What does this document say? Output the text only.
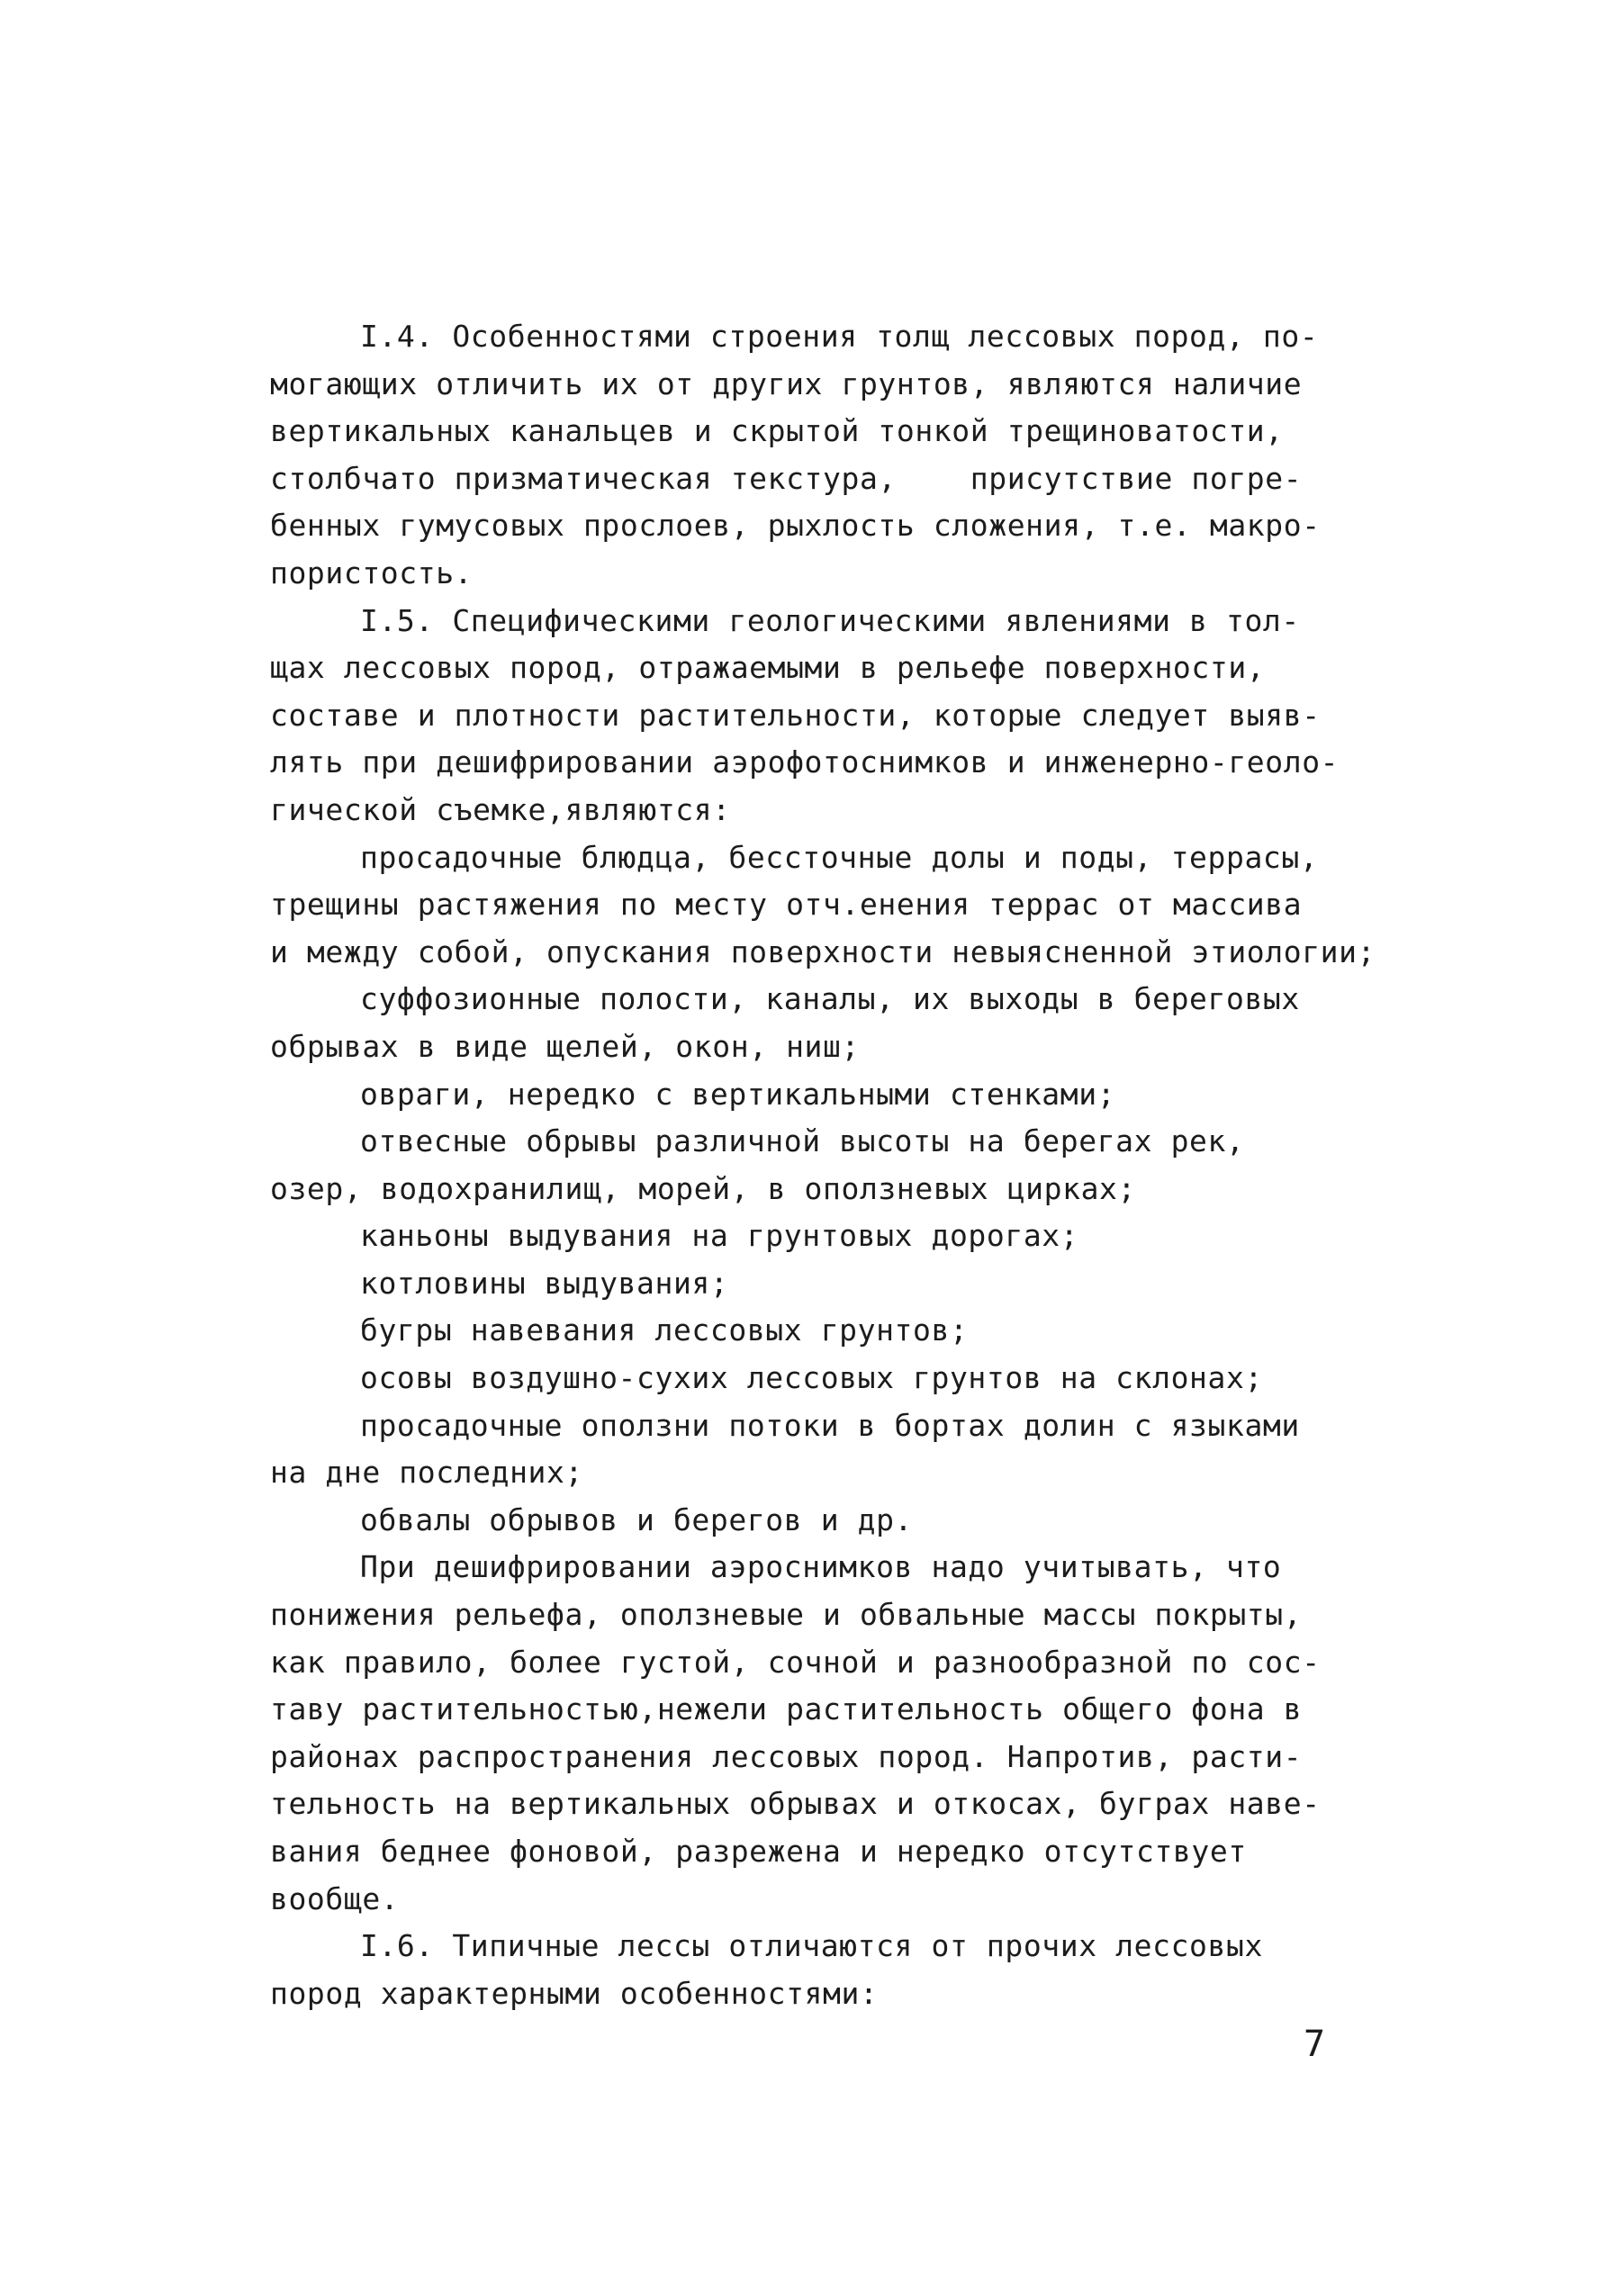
I.4. Особенностями строения толщ лессовых пород, по-
могающих отличить их от других грунтов, являются наличие
вертикальных канальцев и скрытой тонкой трещиноватости,
столбчато призматическая текстура,    присутствие погре-
бенных гумусовых прослоев, рыхлость сложения, т.е. макро-
пористость.
I.5. Специфическими геологическими явлениями в тол-
щах лессовых пород, отражаемыми в рельефе поверхности,
составе и плотности растительности, которые следует выяв-
лять при дешифрировании аэрофотоснимков и инженерно-геоло-
гической съемке,являются:
просадочные блюдца, бессточные долы и поды, террасы,
трещины растяжения по месту отч.енения террас от массива
и между собой, опускания поверхности невыясненной этиологии;
суффозионные полости, каналы, их выходы в береговых
обрывах в виде щелей, окон, ниш;
овраги, нередко с вертикальными стенками;
отвесные обрывы различной высоты на берегах рек,
озер, водохранилищ, морей, в оползневых цирках;
каньоны выдувания на грунтовых дорогах;
котловины выдувания;
бугры навевания лессовых грунтов;
осовы воздушно-сухих лессовых грунтов на склонах;
просадочные оползни потоки в бортах долин с языками
на дне последних;
обвалы обрывов и берегов и др.
При дешифрировании аэроснимков надо учитывать, что
понижения рельефа, оползневые и обвальные массы покрыты,
как правило, более густой, сочной и разнообразной по сос-
таву растительностью,нежели растительность общего фона в
районах распространения лессовых пород. Напротив, расти-
тельность на вертикальных обрывах и откосах, буграх наве-
вания беднее фоновой, разрежена и нередко отсутствует
вообще.
I.6. Типичные лессы отличаются от прочих лессовых
пород характерными особенностями:
7
